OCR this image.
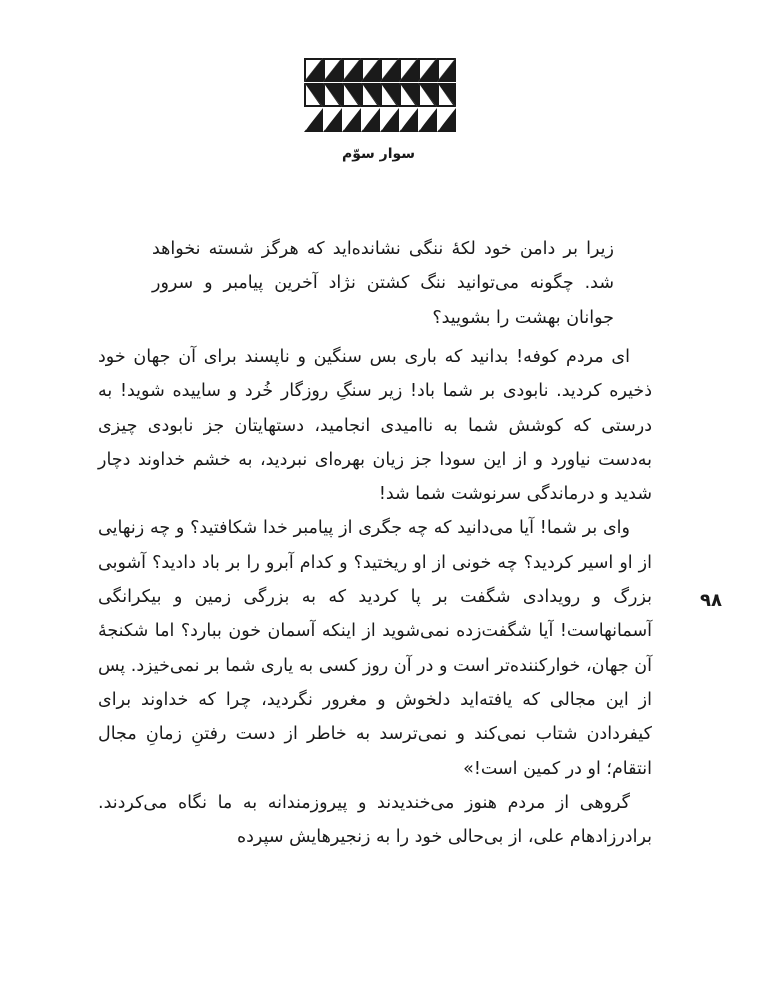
سوار سوّم

زیرا بر دامن خود لکهٔ ننگی نشانده‌اید که هرگز شسته نخواهد شد. چگونه می‌توانید ننگ کشتن نژاد آخرین پیامبر و سرور جوانان بهشت را بشویید؟

ای مردم کوفه! بدانید که باری بس سنگین و ناپسند برای آن جهان خود ذخیره کردید. نابودی بر شما باد! زیر سنگِ روزگار خُرد و ساییده شوید! به درستی که کوشش شما به ناامیدی انجامید، دستهایتان جز نابودی چیزی به‌دست نیاورد و از این سودا جز زیان بهره‌ای نبردید، به خشم خداوند دچار شدید و درماندگی سرنوشت شما شد!

وای بر شما! آیا می‌دانید که چه جگری از پیامبر خدا شکافتید؟ و چه زنهایی از او اسیر کردید؟ چه خونی از او ریختید؟ و کدام آبرو را بر باد دادید؟ آشوبی بزرگ و رویدادی شگفت بر پا کردید که به بزرگی زمین و بیکرانگی آسمانهاست! آیا شگفت‌زده نمی‌شوید از اینکه آسمان خون ببارد؟ اما شکنجهٔ آن جهان، خوارکننده‌تر است و در آن روز کسی به یاری شما بر نمی‌خیزد. پس از این مجالی که یافته‌اید دلخوش و مغرور نگردید، چرا که خداوند برای کیفردادن شتاب نمی‌کند و نمی‌ترسد به خاطر از دست رفتنِ زمانِ مجال انتقام؛ او در کمین است!»

گروهی از مردم هنوز می‌خندیدند و پیروزمندانه به ما نگاه می‌کردند. برادرزادهام علی، از بی‌حالی خود را به زنجیرهایش سپرده

۹۸
